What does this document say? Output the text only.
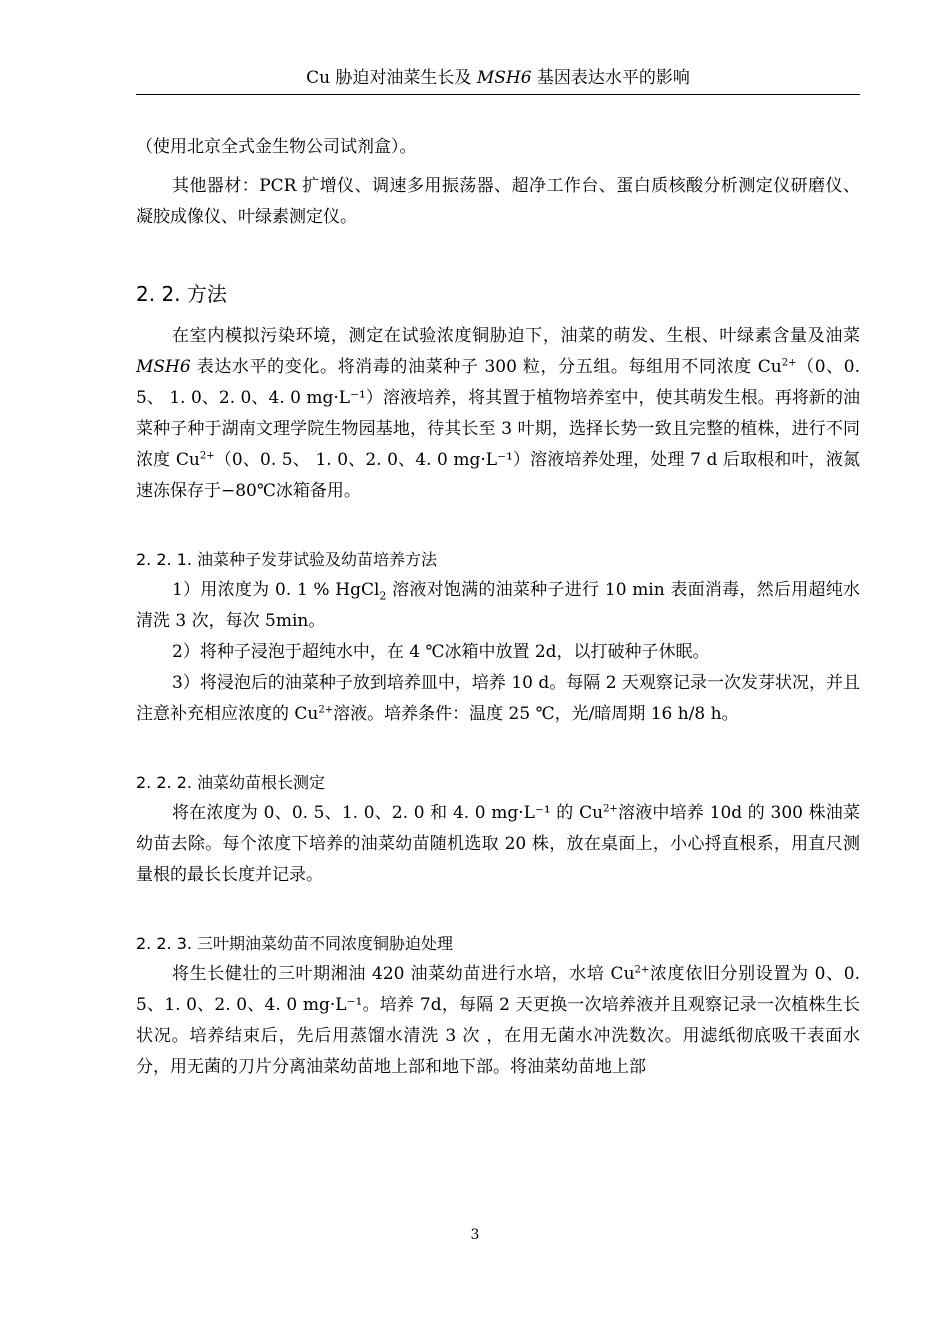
Cu 胁迫对油菜生长及 MSH6 基因表达水平的影响

（使用北京全式金生物公司试剂盒）。

其他器材：PCR 扩增仪、调速多用振荡器、超净工作台、蛋白质核酸分析测定仪研磨仪、凝胶成像仪、叶绿素测定仪。

2. 2. 方法

在室内模拟污染环境，测定在试验浓度铜胁迫下，油菜的萌发、生根、叶绿素含量及油菜 MSH6 表达水平的变化。将消毒的油菜种子 300 粒，分五组。每组用不同浓度 $Cu^{2+}(0$、0. 5、 1. 0、2. 0、4. 0 mg·L⁻¹）溶液培养，将其置于植物培养室中，使其萌发生根。再将新的油菜种子种于湖南文理学院生物园基地，待其长至 3 叶期，选择长势一致且完整的植株，进行不同浓度 $Cu^{2+}(0$、0. 5、 1. 0、2. 0、4. 0 mg·L⁻¹）溶液培养处理，处理 7 d 后取根和叶，液氮速冻保存于−80℃冰箱备用。

2. 2. 1. 油菜种子发芽试验及幼苗培养方法

1）用浓度为 0. 1 % HgCl$_2$ 溶液对饱满的油菜种子进行 10 min 表面消毒，然后用超纯水清洗 3 次，每次 5min。

2）将种子浸泡于超纯水中，在 4 ℃冰箱中放置 2d，以打破种子休眠。

3）将浸泡后的油菜种子放到培养皿中，培养 10 d。每隔 2 天观察记录一次发芽状况，并且注意补充相应浓度的 $Cu^{2+}$溶液。培养条件：温度 25 ℃，光/暗周期 16 h/8 h。

2. 2. 2. 油菜幼苗根长测定

将在浓度为 0、0. 5、1. 0、2. 0 和 4. 0 mg·L⁻¹ 的 $Cu^{2+}$溶液中培养 10d 的 300 株油菜幼苗去除。每个浓度下培养的油菜幼苗随机选取 20 株，放在桌面上，小心捋直根系，用直尺测量根的最长长度并记录。

2. 2. 3. 三叶期油菜幼苗不同浓度铜胁迫处理

将生长健壮的三叶期湘油 420 油菜幼苗进行水培，水培 $Cu^{2+}$浓度依旧分别设置为 0、0. 5、1. 0、2. 0、4. 0 mg·L⁻¹。培养 7d，每隔 2 天更换一次培养液并且观察记录一次植株生长状况。培养结束后，先后用蒸馏水清洗 3 次 ，在用无菌水冲洗数次。用滤纸彻底吸干表面水分，用无菌的刀片分离油菜幼苗地上部和地下部。将油菜幼苗地上部

3
